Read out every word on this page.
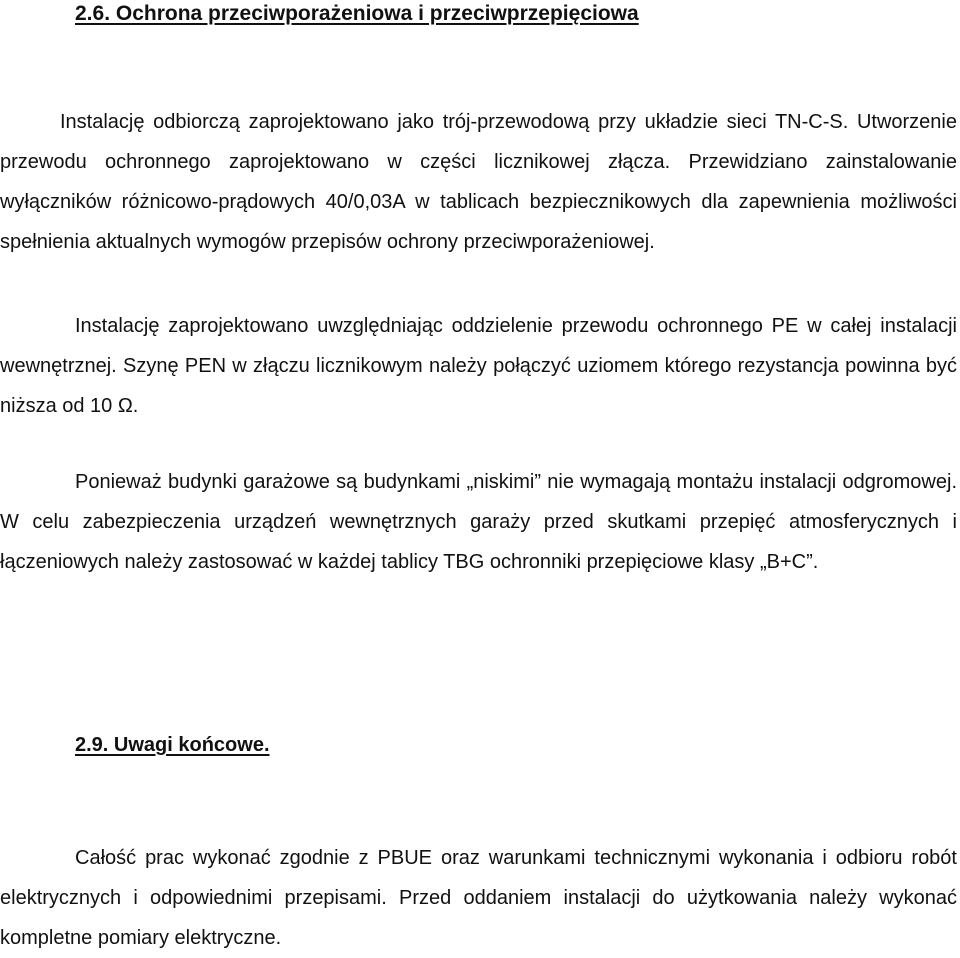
2.6. Ochrona przeciwporażeniowa i przeciwprzepięciowa

Instalację odbiorczą zaprojektowano jako trój-przewodową przy układzie sieci TN-C-S. Utworzenie przewodu ochronnego zaprojektowano w części licznikowej złącza. Przewidziano zainstalowanie wyłączników różnicowo-prądowych 40/0,03A w tablicach bezpiecznikowych dla zapewnienia możliwości spełnienia aktualnych wymogów przepisów ochrony przeciwporażeniowej.

Instalację zaprojektowano uwzględniając oddzielenie przewodu ochronnego PE w całej instalacji wewnętrznej. Szynę PEN w złączu licznikowym należy połączyć uziomem którego rezystancja powinna być niższa od 10 Ω.

Ponieważ budynki garażowe są budynkami „niskimi” nie wymagają montażu instalacji odgromowej. W celu zabezpieczenia urządzeń wewnętrznych garaży przed skutkami przepięć atmosferycznych i łączeniowych należy zastosować w każdej tablicy TBG ochronniki przepięciowe klasy „B+C”.

2.9. Uwagi końcowe.

Całość prac wykonać zgodnie z PBUE oraz warunkami technicznymi wykonania i odbioru robót elektrycznych i odpowiednimi przepisami. Przed oddaniem instalacji do użytkowania należy wykonać kompletne pomiary elektryczne.
